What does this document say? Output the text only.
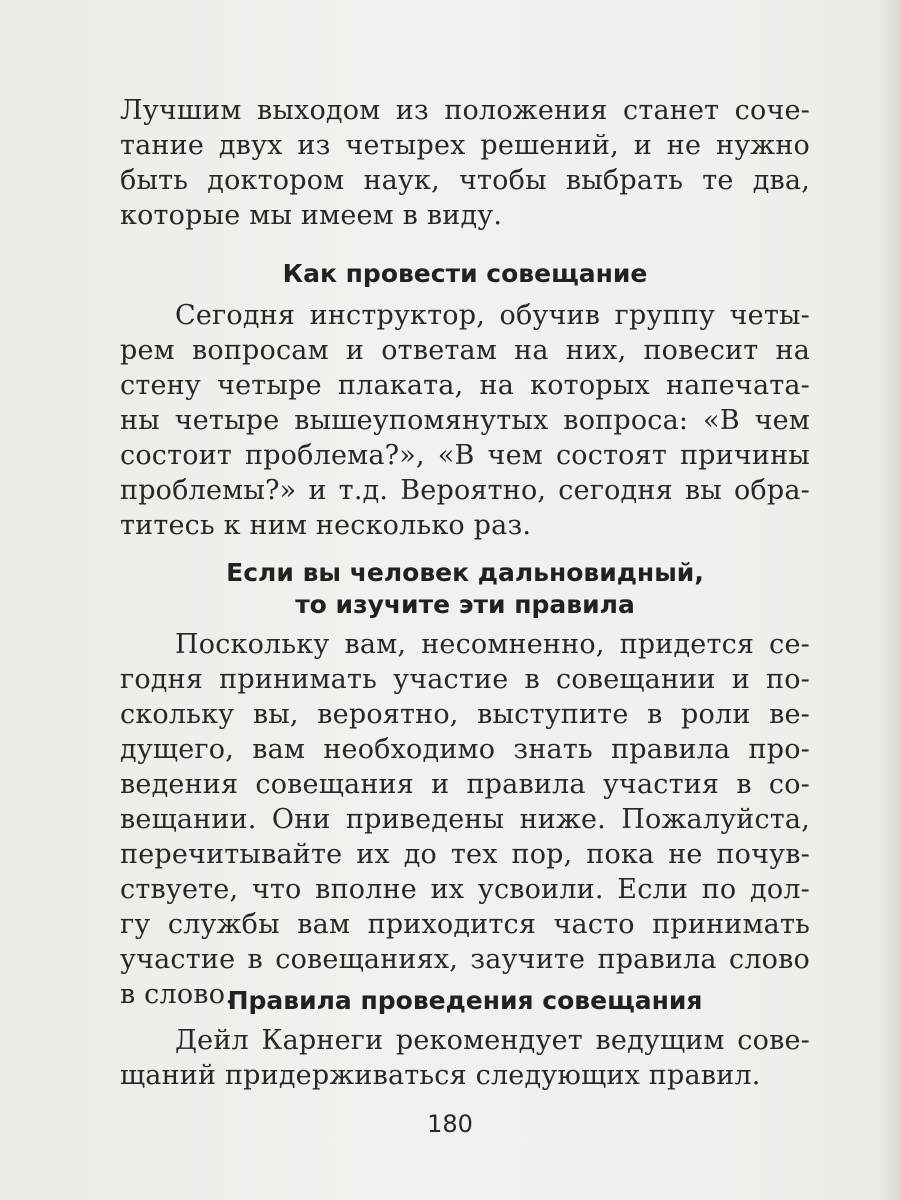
Лучшим выходом из положения станет соче-
тание двух из четырех решений, и не нужно
быть доктором наук, чтобы выбрать те два,
которые мы имеем в виду.
Как провести совещание
Сегодня инструктор, обучив группу четы-
рем вопросам и ответам на них, повесит на
стену четыре плаката, на которых напечата-
ны четыре вышеупомянутых вопроса: «В чем
состоит проблема?», «В чем состоят причины
проблемы?» и т.д. Вероятно, сегодня вы обра-
титесь к ним несколько раз.
Если вы человек дальновидный,
то изучите эти правила
Поскольку вам, несомненно, придется се-
годня принимать участие в совещании и по-
скольку вы, вероятно, выступите в роли ве-
дущего, вам необходимо знать правила про-
ведения совещания и правила участия в со-
вещании. Они приведены ниже. Пожалуйста,
перечитывайте их до тех пор, пока не почув-
ствуете, что вполне их усвоили. Если по дол-
гу службы вам приходится часто принимать
участие в совещаниях, заучите правила слово
в слово.
Правила проведения совещания
Дейл Карнеги рекомендует ведущим сове-
щаний придерживаться следующих правил.
180
